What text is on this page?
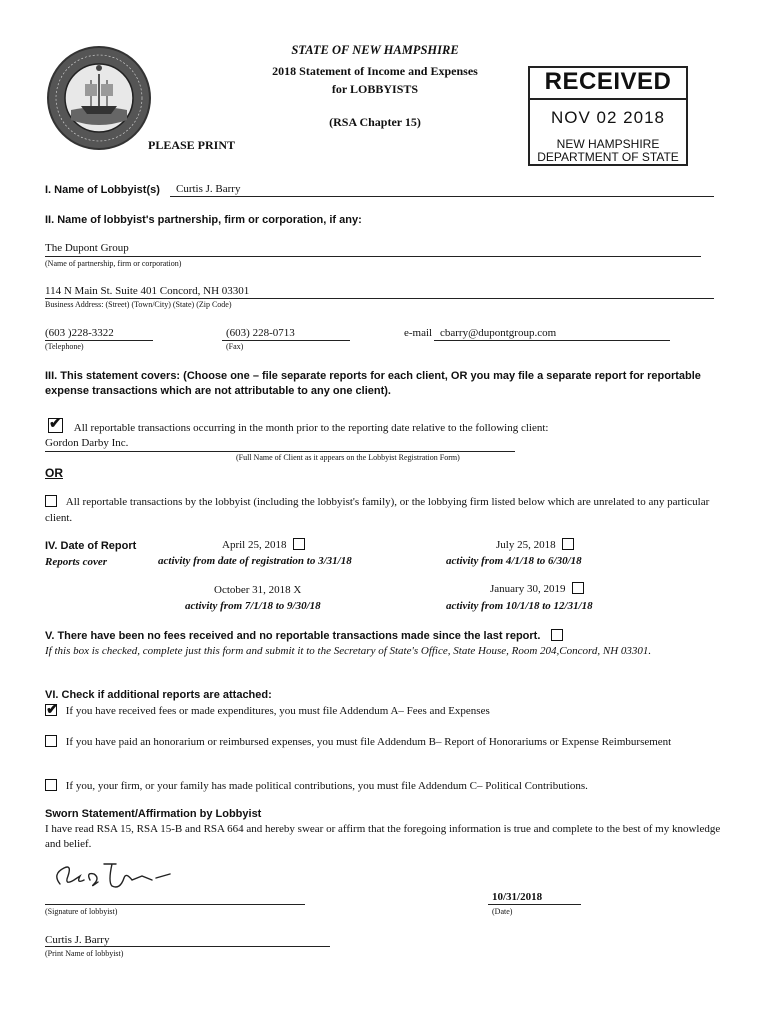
STATE OF NEW HAMPSHIRE
2018 Statement of Income and Expenses
for LOBBYISTS
(RSA Chapter 15)
PLEASE PRINT
RECEIVED
NOV 02 2018
NEW HAMPSHIRE
DEPARTMENT OF STATE
I. Name of Lobbyist(s) Curtis J. Barry
II. Name of lobbyist's partnership, firm or corporation, if any:
The Dupont Group
(Name of partnership, firm or corporation)
114 N Main St. Suite 401 Concord, NH 03301
Business Address: (Street) (Town/City) (State) (Zip Code)
(603 )228-3322
(Telephone)
(603) 228-0713
(Fax)
e-mail cbarry@dupontgroup.com
III. This statement covers: (Choose one – file separate reports for each client, OR you may file a separate report for reportable expense transactions which are not attributable to any one client).
✔ All reportable transactions occurring in the month prior to the reporting date relative to the following client:
Gordon Darby Inc.
(Full Name of Client as it appears on the Lobbyist Registration Form)
OR
All reportable transactions by the lobbyist (including the lobbyist's family), or the lobbying firm listed below which are unrelated to any particular client.
IV. Date of Report
Reports cover
April 25, 2018
activity from date of registration to 3/31/18
July 25, 2018
activity from 4/1/18 to 6/30/18
October 31, 2018 X
activity from 7/1/18 to 9/30/18
January 30, 2019
activity from 10/1/18 to 12/31/18
V. There have been no fees received and no reportable transactions made since the last report.
If this box is checked, complete just this form and submit it to the Secretary of State's Office, State House, Room 204,Concord, NH 03301.
VI. Check if additional reports are attached:
✔ If you have received fees or made expenditures, you must file Addendum A– Fees and Expenses
If you have paid an honorarium or reimbursed expenses, you must file Addendum B– Report of Honorariums or Expense Reimbursement
If you, your firm, or your family has made political contributions, you must file Addendum C– Political Contributions.
Sworn Statement/Affirmation by Lobbyist
I have read RSA 15, RSA 15-B and RSA 664 and hereby swear or affirm that the foregoing information is true and complete to the best of my knowledge and belief.
(Signature of lobbyist)
10/31/2018
(Date)
Curtis J. Barry
(Print Name of lobbyist)
